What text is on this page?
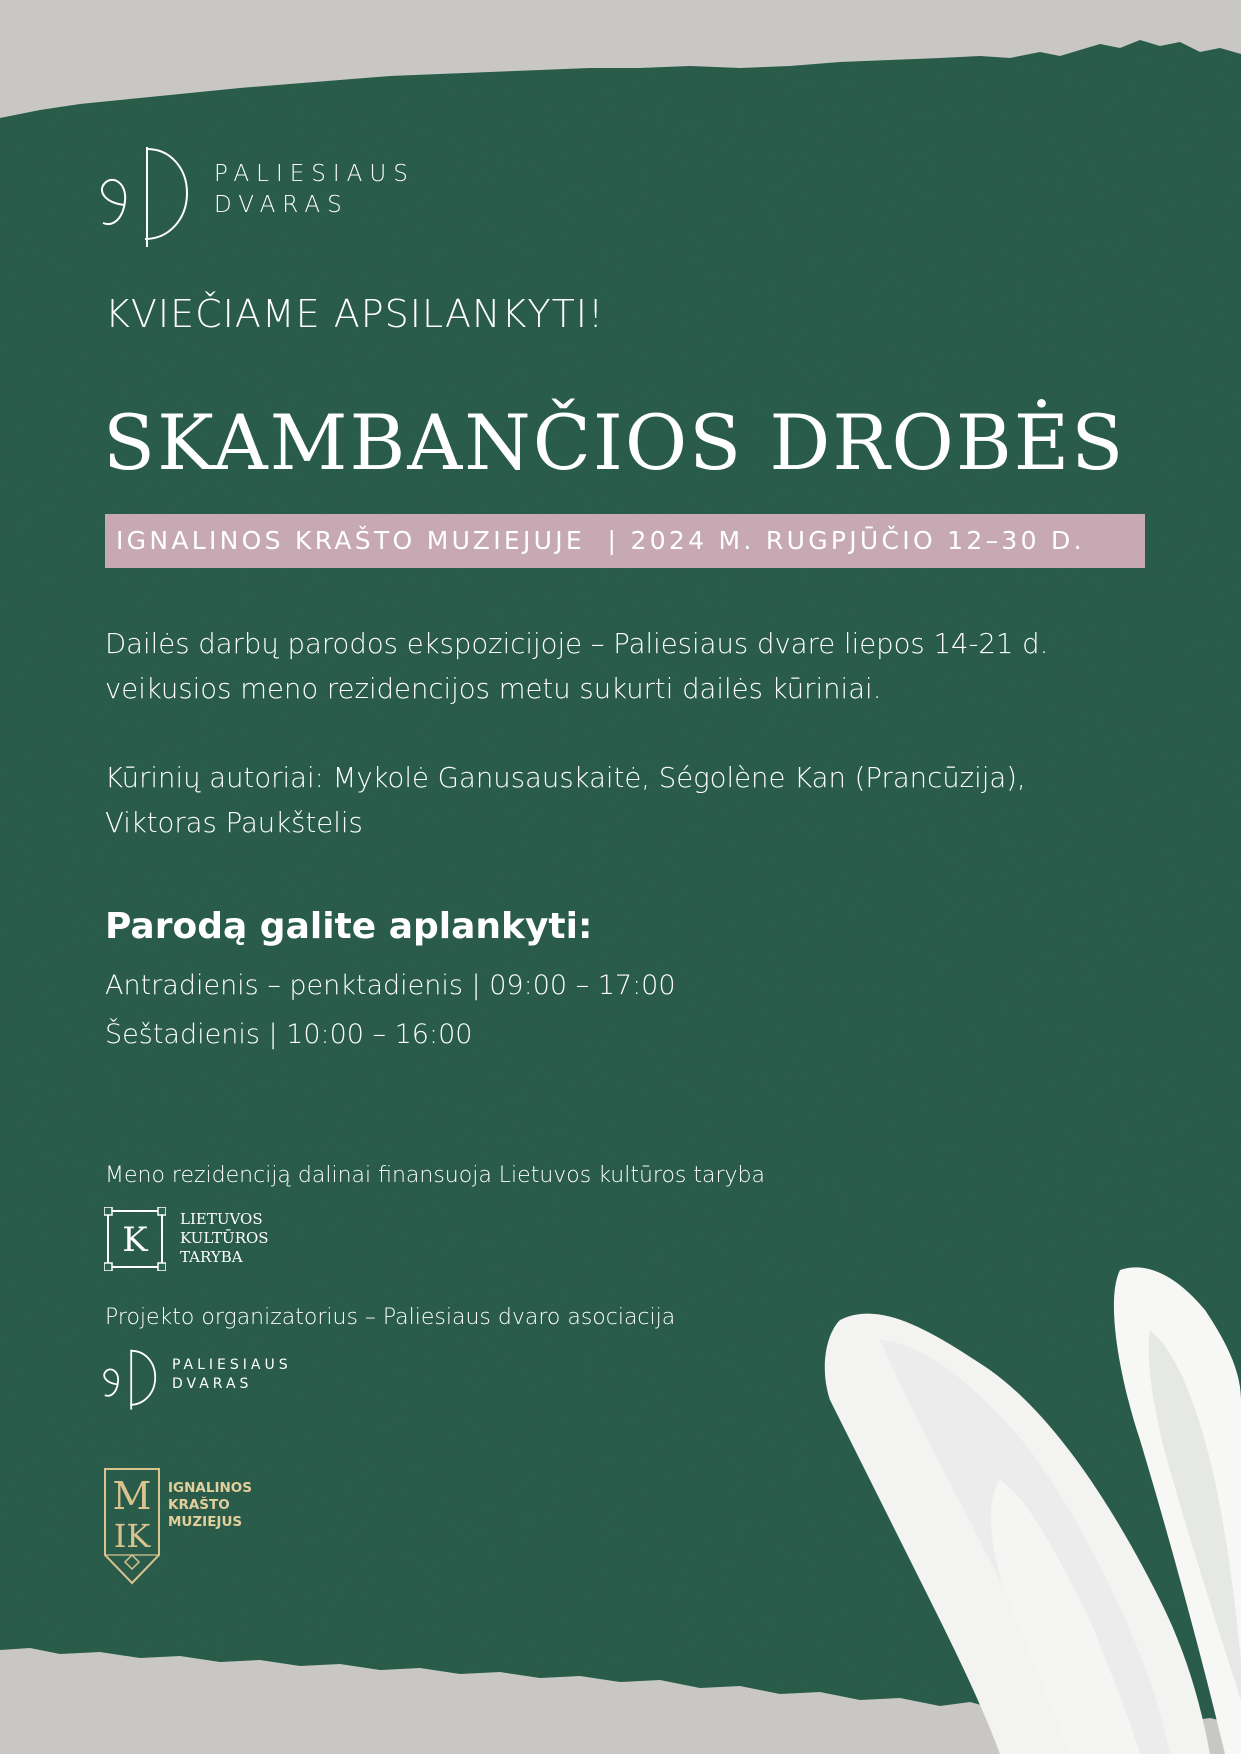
PALIESIAUS
DVARAS
KVIEČIAME APSILANKYTI!
SKAMBANČIOS DROBĖS
IGNALINOS KRAŠTO MUZIEJUJE  | 2024 M. RUGPJŪČIO 12–30 D.
Dailės darbų parodos ekspozicijoje – Paliesiaus dvare liepos 14-21 d.
veikusios meno rezidencijos metu sukurti dailės kūriniai.
Kūrinių autoriai: Mykolė Ganusauskaitė, Ségolène Kan (Prancūzija),
Viktoras Paukštelis
Parodą galite aplankyti:
Antradienis – penktadienis | 09:00 – 17:00
Šeštadienis | 10:00 – 16:00
Meno rezidenciją dalinai finansuoja Lietuvos kultūros taryba
K
LIETUVOS
KULTŪROS
TARYBA
Projekto organizatorius – Paliesiaus dvaro asociacija
PALIESIAUS
DVARAS
M
IK
IGNALINOS
KRAŠTO
MUZIEJUS
